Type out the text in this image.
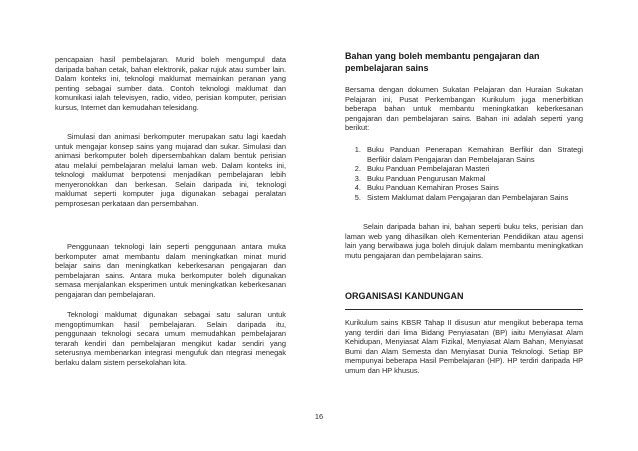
pencapaian hasil pembelajaran. Murid boleh mengumpul data daripada bahan cetak, bahan elektronik, pakar rujuk atau sumber lain. Dalam konteks ini, teknologi maklumat memainkan peranan yang penting sebagai sumber data. Contoh teknologi maklumat dan komunikasi ialah televisyen, radio, video, perisian komputer, perisian kursus, Internet dan kemudahan telesidang.

Simulasi dan animasi berkomputer merupakan satu lagi kaedah untuk mengajar konsep sains yang mujarad dan sukar. Simulasi dan animasi berkomputer boleh dipersembahkan dalam bentuk perisian atau melalui pembelajaran melalui laman web. Dalam konteks ini, teknologi maklumat berpotensi menjadikan pembelajaran lebih menyeronokkan dan berkesan. Selain daripada ini, teknologi maklumat seperti komputer juga digunakan sebagai peralatan pemprosesan perkataan dan persembahan.

Penggunaan teknologi lain seperti penggunaan antara muka berkomputer amat membantu dalam meningkatkan minat murid belajar sains dan meningkatkan keberkesanan pengajaran dan pembelajaran sains. Antara muka berkomputer boleh digunakan semasa menjalankan eksperimen untuk meningkatkan keberkesanan pengajaran dan pembelajaran.

Teknologi maklumat digunakan sebagai satu saluran untuk mengoptimumkan hasil pembelajaran. Selain daripada itu, penggunaan teknologi secara umum memudahkan pembelajaran terarah kendiri dan pembelajaran mengikut kadar sendiri yang seterusnya membenarkan integrasi mengufuk dan ntegrasi menegak berlaku dalam sistem persekolahan kita.

Bahan yang boleh membantu pengajaran dan pembelajaran sains

Bersama dengan dokumen Sukatan Pelajaran dan Huraian Sukatan Pelajaran ini, Pusat Perkembangan Kurikulum juga menerbitkan beberapa bahan untuk membantu meningkatkan keberkesanan pengajaran dan pembelajaran sains. Bahan ini adalah seperti yang berikut:

1. Buku Panduan Penerapan Kemahiran Berfikir dan Strategi Berfikir dalam Pengajaran dan Pembelajaran Sains
2. Buku Panduan Pembelajaran Masteri
3. Buku Panduan Pengurusan Makmal
4. Buku Panduan Kemahiran Proses Sains
5. Sistem Maklumat dalam Pengajaran dan Pembelajaran Sains

Selain daripada bahan ini, bahan seperti buku teks, perisian dan laman web yang dihasilkan oleh Kementerian Pendidikan atau agensi lain yang berwibawa juga boleh dirujuk dalam membantu meningkatkan mutu pengajaran dan pembelajaran sains.

ORGANISASI KANDUNGAN

Kurikulum sains KBSR Tahap II disusun atur mengikut beberapa tema yang terdiri dari lima Bidang Penyiasatan (BP) iaitu Menyiasat Alam Kehidupan, Menyiasat Alam Fizikal, Menyiasat Alam Bahan, Menyiasat Bumi dan Alam Semesta dan Menyiasat Dunia Teknologi. Setiap BP mempunyai beberapa Hasil Pembelajaran (HP). HP terdiri daripada HP umum dan HP khusus.

16
